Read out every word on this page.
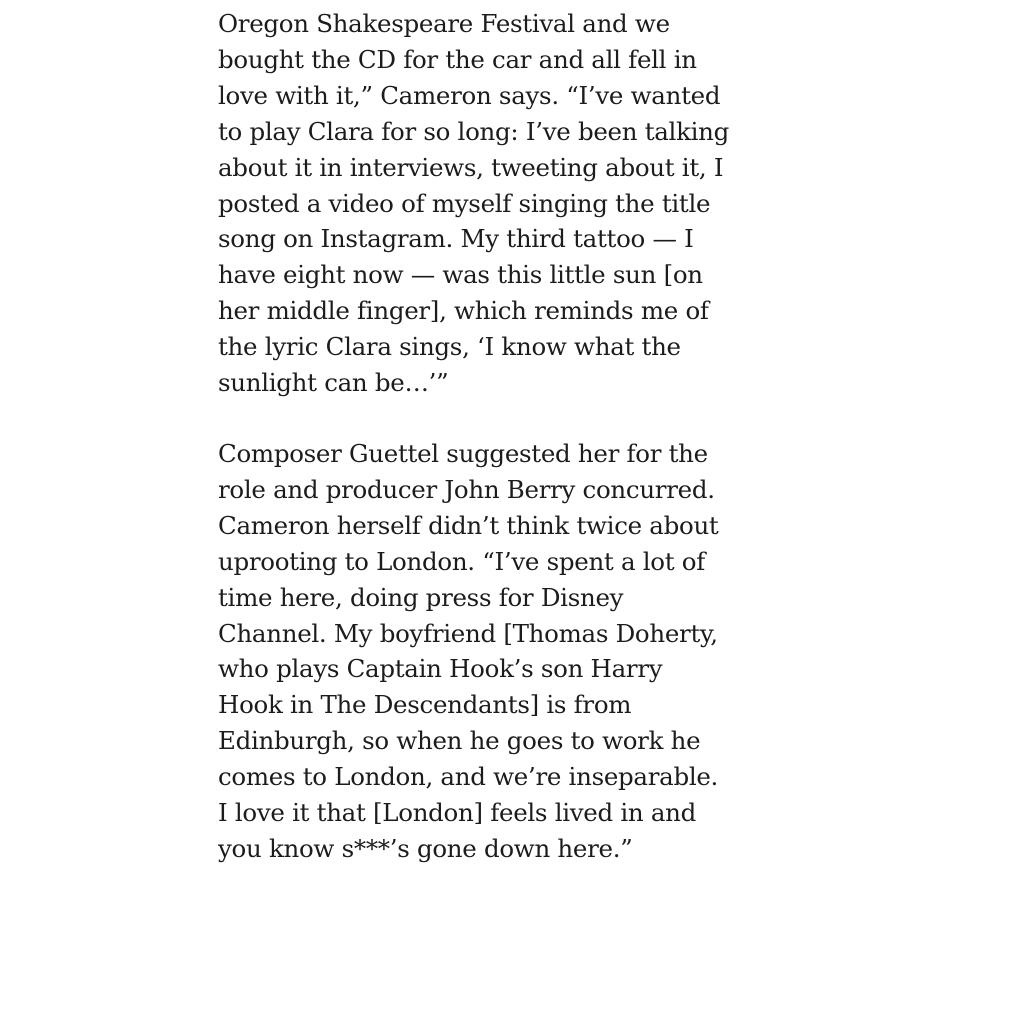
Oregon Shakespeare Festival and we
bought the CD for the car and all fell in
love with it,” Cameron says. “I’ve wanted
to play Clara for so long: I’ve been talking
about it in interviews, tweeting about it, I
posted a video of myself singing the title
song on Instagram. My third tattoo — I
have eight now — was this little sun [on
her middle finger], which reminds me of
the lyric Clara sings, ‘I know what the
sunlight can be…’”

Composer Guettel suggested her for the
role and producer John Berry concurred.
Cameron herself didn’t think twice about
uprooting to London. “I’ve spent a lot of
time here, doing press for Disney
Channel. My boyfriend [Thomas Doherty,
who plays Captain Hook’s son Harry
Hook in The Descendants] is from
Edinburgh, so when he goes to work he
comes to London, and we’re inseparable.
I love it that [London] feels lived in and
you know s***’s gone down here.”
